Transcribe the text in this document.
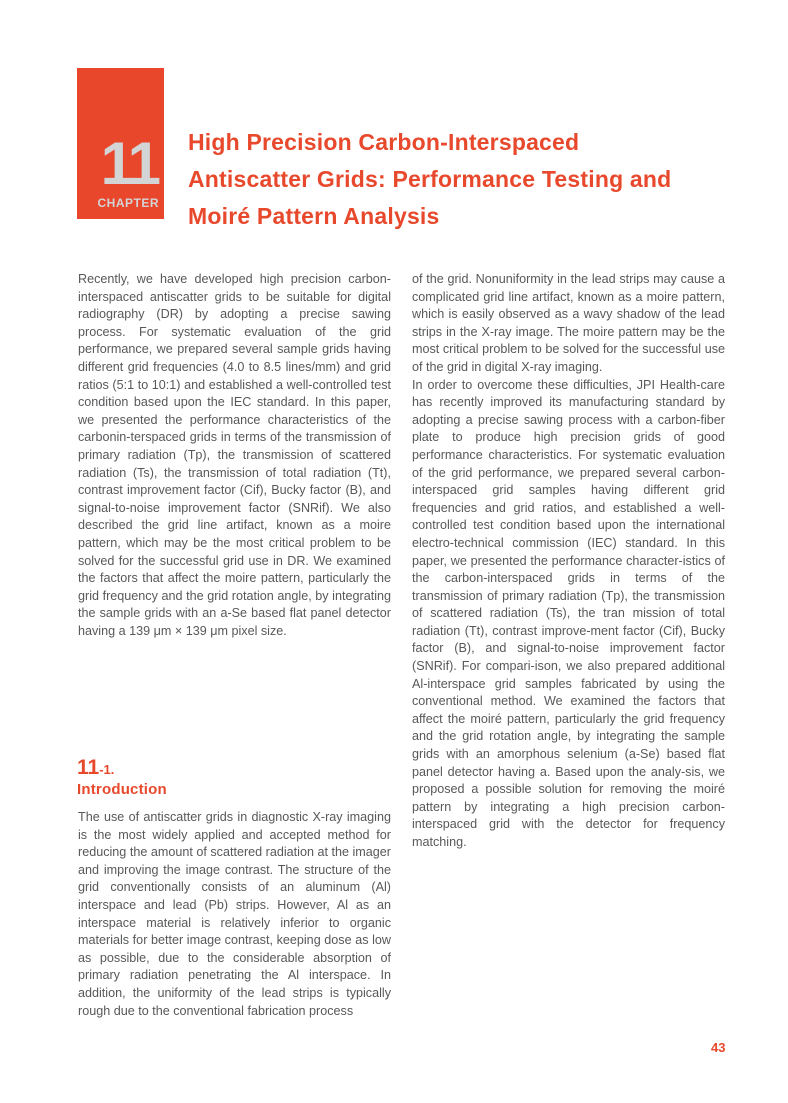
11
CHAPTER
High Precision Carbon-Interspaced
Antiscatter Grids: Performance Testing and
Moiré Pattern Analysis

Recently, we have developed high precision carbon-interspaced antiscatter grids to be suitable for digital radiography (DR) by adopting a precise sawing process. For systematic evaluation of the grid performance, we prepared several sample grids having different grid frequencies (4.0 to 8.5 lines/mm) and grid ratios (5:1 to 10:1) and established a well-controlled test condition based upon the IEC standard. In this paper, we presented the performance characteristics of the carbonin-terspaced grids in terms of the transmission of primary radiation (Tp), the transmission of scattered radiation (Ts), the transmission of total radiation (Tt), contrast improvement factor (Cif), Bucky factor (B), and signal-to-noise improvement factor (SNRif). We also described the grid line artifact, known as a moire pattern, which may be the most critical problem to be solved for the successful grid use in DR. We examined the factors that affect the moire pattern, particularly the grid frequency and the grid rotation angle, by integrating the sample grids with an a-Se based flat panel detector having a 139 μm × 139 μm pixel size.

11-1.
Introduction

The use of antiscatter grids in diagnostic X-ray imaging is the most widely applied and accepted method for reducing the amount of scattered radiation at the imager and improving the image contrast. The structure of the grid conventionally consists of an aluminum (Al) interspace and lead (Pb) strips. However, Al as an interspace material is relatively inferior to organic materials for better image contrast, keeping dose as low as possible, due to the considerable absorption of primary radiation penetrating the Al interspace. In addition, the uniformity of the lead strips is typically rough due to the conventional fabrication process

of the grid. Nonuniformity in the lead strips may cause a complicated grid line artifact, known as a moire pattern, which is easily observed as a wavy shadow of the lead strips in the X-ray image. The moire pattern may be the most critical problem to be solved for the successful use of the grid in digital X-ray imaging.

In order to overcome these difficulties, JPI Health-care has recently improved its manufacturing standard by adopting a precise sawing process with a carbon-fiber plate to produce high precision grids of good performance characteristics. For systematic evaluation of the grid performance, we prepared several carbon-interspaced grid samples having different grid frequencies and grid ratios, and established a well-controlled test condition based upon the international electro-technical commission (IEC) standard. In this paper, we presented the performance character-istics of the carbon-interspaced grids in terms of the transmission of primary radiation (Tp), the transmission of scattered radiation (Ts), the tran mission of total radiation (Tt), contrast improve-ment factor (Cif), Bucky factor (B), and signal-to-noise improvement factor (SNRif). For compari-ison, we also prepared additional Al-interspace grid samples fabricated by using the conventional method. We examined the factors that affect the moiré pattern, particularly the grid frequency and the grid rotation angle, by integrating the sample grids with an amorphous selenium (a-Se) based flat panel detector having a. Based upon the analy-sis, we proposed a possible solution for removing the moiré pattern by integrating a high precision carbon-interspaced grid with the detector for frequency matching.

43
